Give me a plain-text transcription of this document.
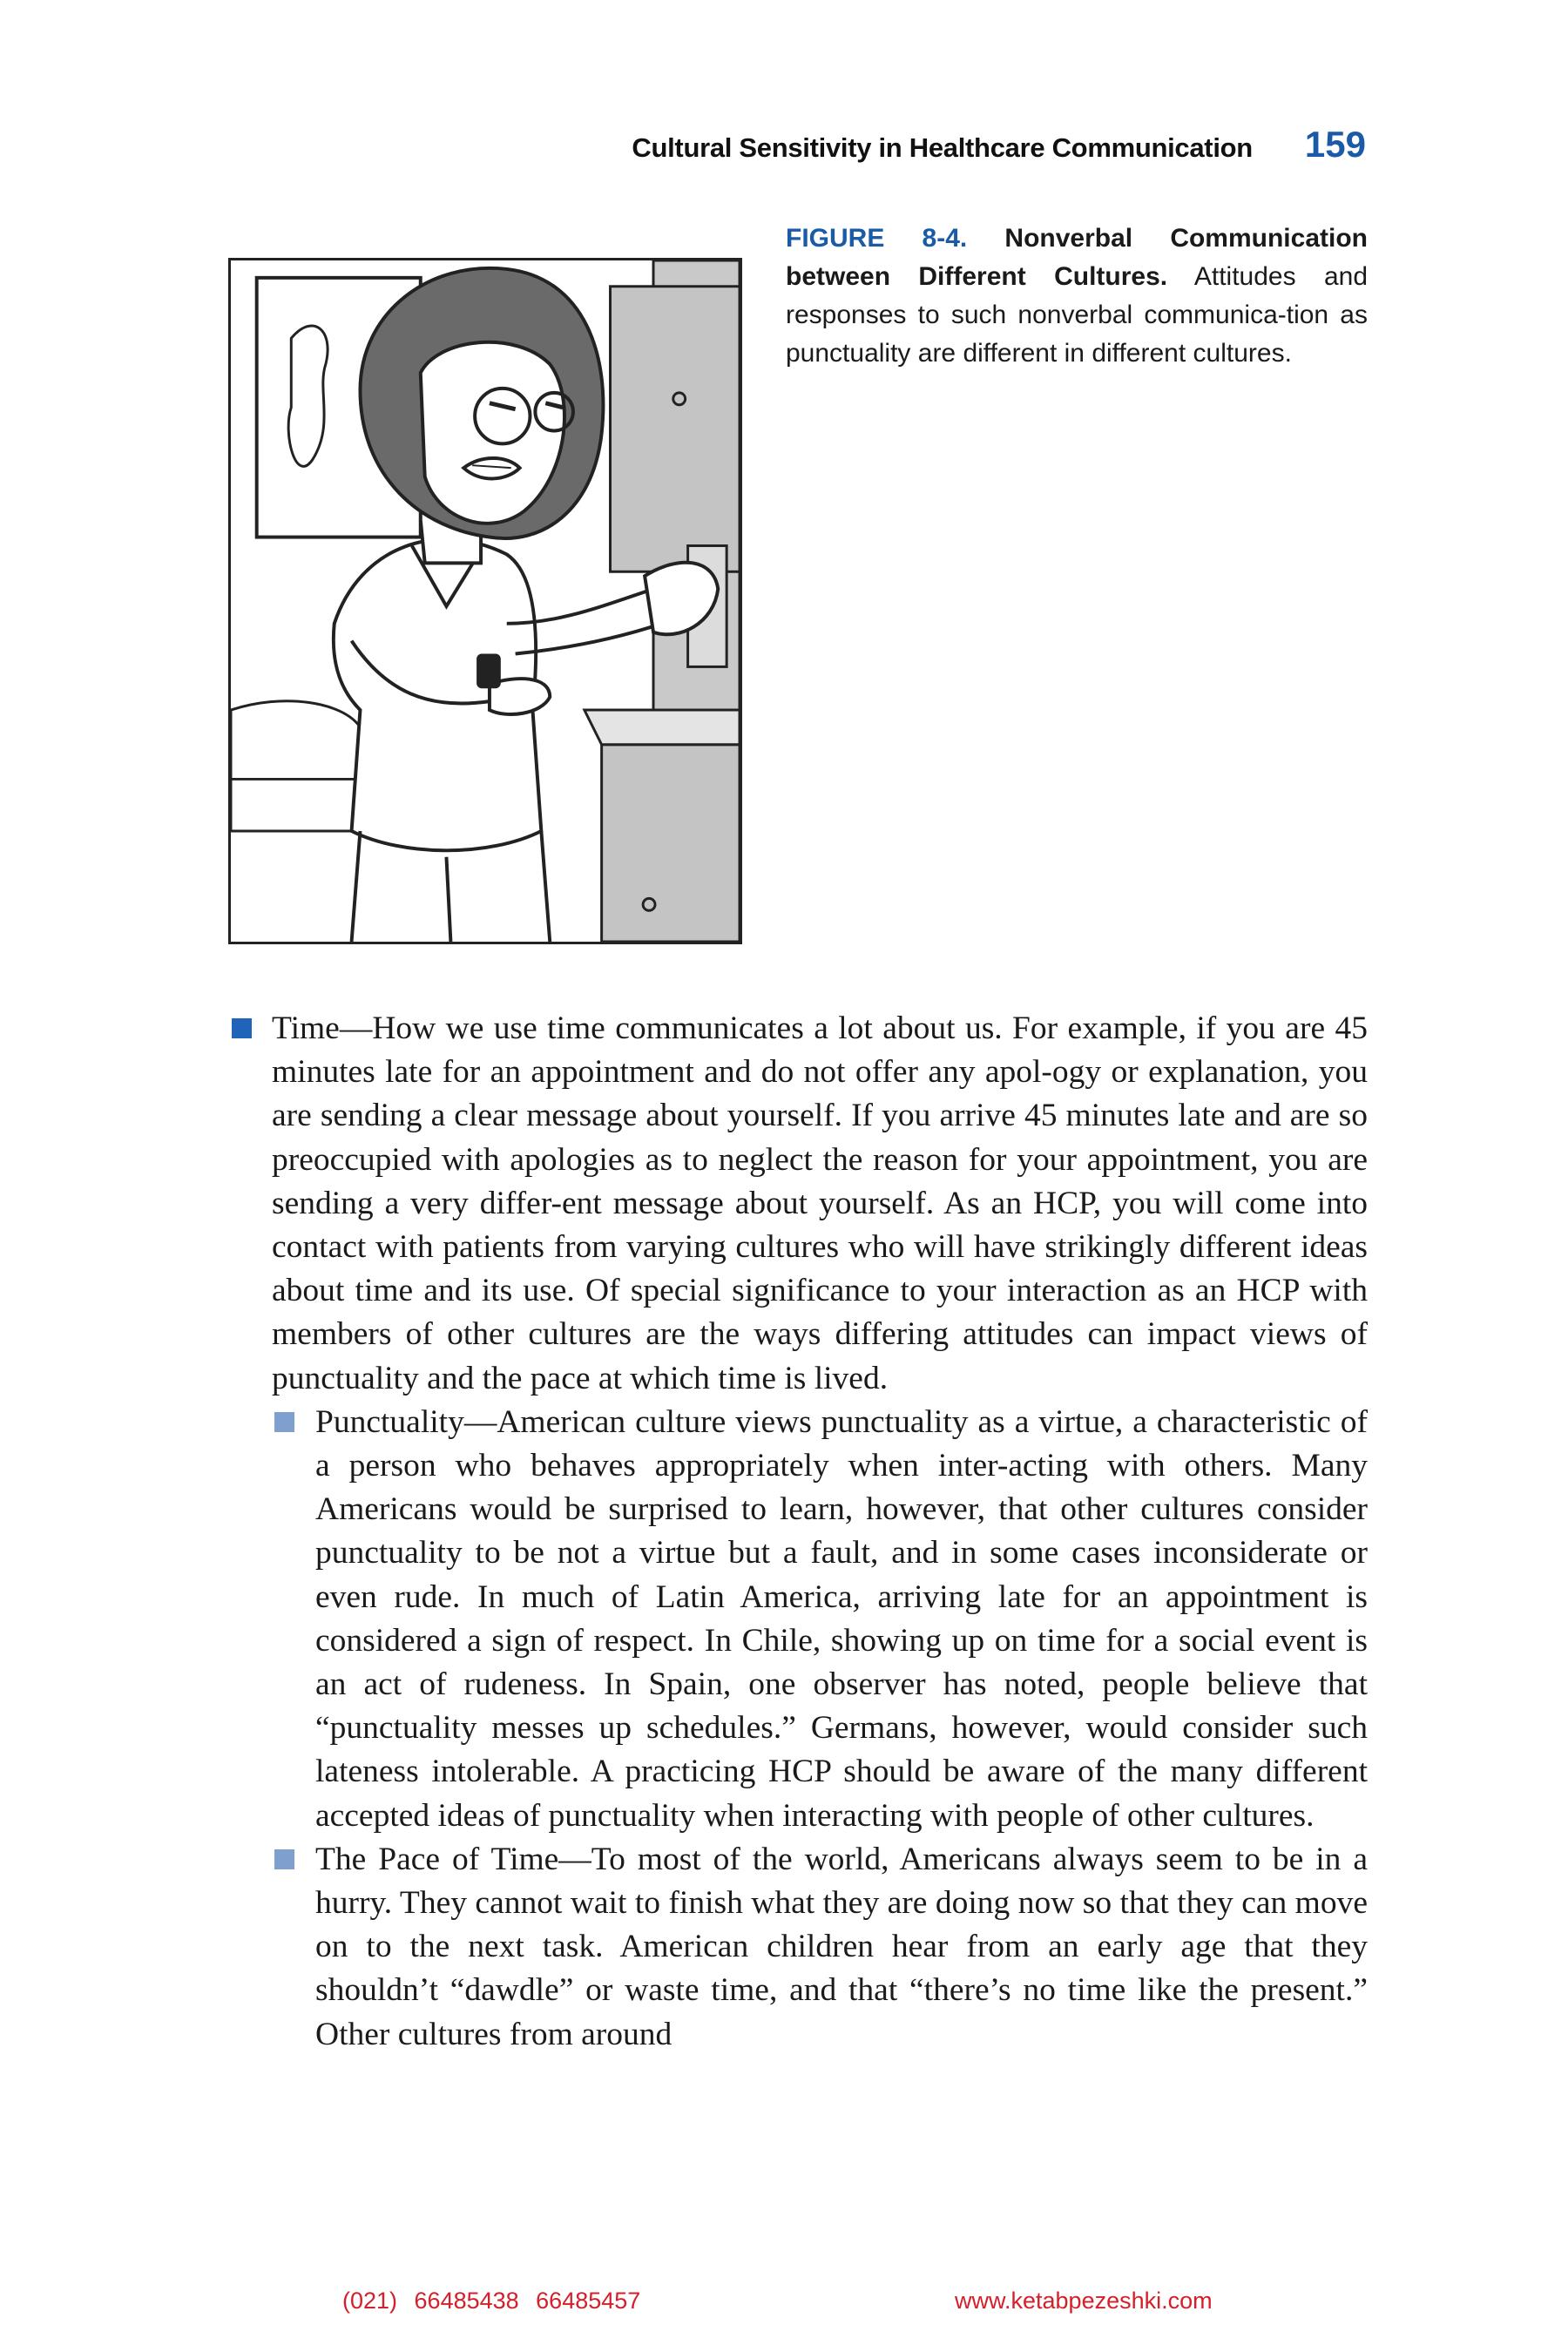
Cultural Sensitivity in Healthcare Communication 159
FIGURE 8-4. Nonverbal Communication between Different Cultures. Attitudes and responses to such nonverbal communica-tion as punctuality are different in different cultures.
Time—How we use time communicates a lot about us. For example, if you are 45 minutes late for an appointment and do not offer any apol-ogy or explanation, you are sending a clear message about yourself. If you arrive 45 minutes late and are so preoccupied with apologies as to neglect the reason for your appointment, you are sending a very differ-ent message about yourself. As an HCP, you will come into contact with patients from varying cultures who will have strikingly different ideas about time and its use. Of special significance to your interaction as an HCP with members of other cultures are the ways differing attitudes can impact views of punctuality and the pace at which time is lived.
Punctuality—American culture views punctuality as a virtue, a characteristic of a person who behaves appropriately when inter-acting with others. Many Americans would be surprised to learn, however, that other cultures consider punctuality to be not a virtue but a fault, and in some cases inconsiderate or even rude. In much of Latin America, arriving late for an appointment is considered a sign of respect. In Chile, showing up on time for a social event is an act of rudeness. In Spain, one observer has noted, people believe that “punctuality messes up schedules.” Germans, however, would consider such lateness intolerable. A practicing HCP should be aware of the many different accepted ideas of punctuality when interacting with people of other cultures.
The Pace of Time—To most of the world, Americans always seem to be in a hurry. They cannot wait to finish what they are doing now so that they can move on to the next task. American children hear from an early age that they shouldn’t “dawdle” or waste time, and that “there’s no time like the present.” Other cultures from around
(021) 66485438 66485457	www.ketabpezeshki.com
